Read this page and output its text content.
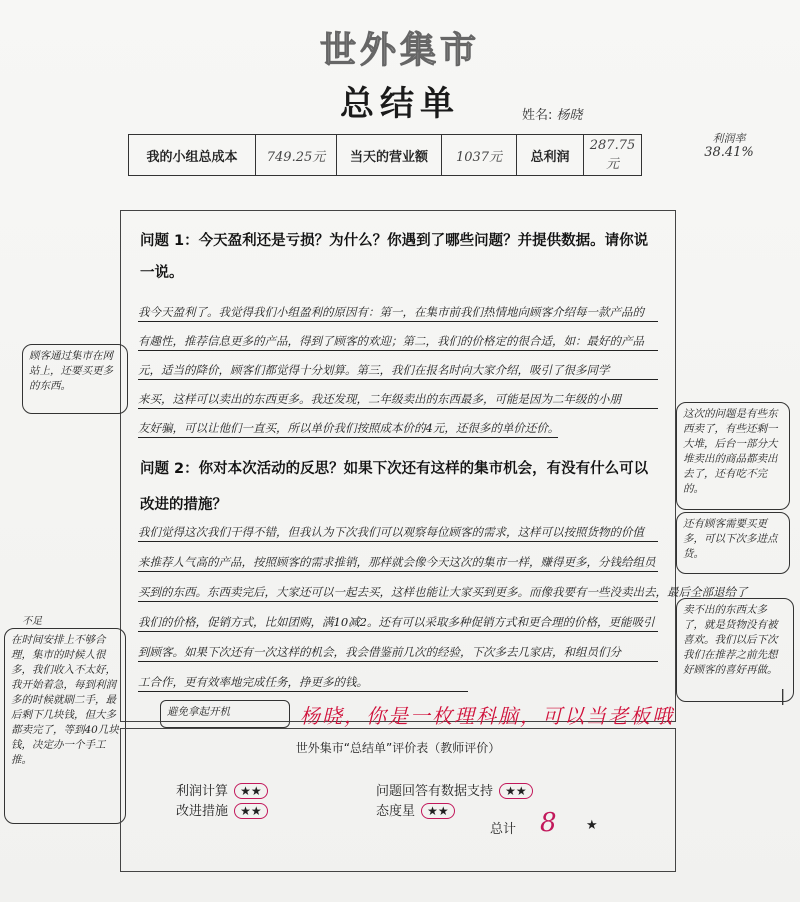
世外集市
总结单	姓名: 杨晓
我的小组总成本	749.25元	当天的营业额	1037元	总利润	287.75元
利润率
38.41%
问题 1：今天盈利还是亏损？为什么？你遇到了哪些问题？并提供数据。请你说
一说。
我今天盈利了。我觉得我们小组盈利的原因有：第一，在集市前我们热情地向顾客介绍每一款产品的
有趣性，推荐信息更多的产品，得到了顾客的欢迎；第二，我们的价格定的很合适，如：最好的产品
元，适当的降价，顾客们都觉得十分划算。第三，我们在报名时向大家介绍，吸引了很多同学
来买，这样可以卖出的东西更多。我还发现，二年级卖出的东西最多，可能是因为二年级的小朋
友好骗，可以让他们一直买，所以单价我们按照成本价的4元，还很多的单价还价。
问题 2：你对本次活动的反思？如果下次还有这样的集市机会，有没有什么可以
改进的措施？
我们觉得这次我们干得不错，但我认为下次我们可以观察每位顾客的需求，这样可以按照货物的价值
来推荐人气高的产品，按照顾客的需求推销，那样就会像今天这次的集市一样，赚得更多，分钱给组员
买到的东西。东西卖完后，大家还可以一起去买，这样也能让大家买到更多。而像我要有一些没卖出去，最后全部退给了
我们的价格，促销方式，比如团购，满10减2。还有可以采取多种促销方式和更合理的价格，更能吸引
到顾客。如果下次还有一次这样的机会，我会借鉴前几次的经验，下次多去几家店，和组员们分
工合作，更有效率地完成任务，挣更多的钱。
杨晓，你是一枚理科脑，可以当老板哦
顾客通过集市在网站上，还要买更多的东西。
不足
在时间安排上不够合理，集市的时候人很多，我们收入不太好，我开始着急，每到利润多的时候就刷二手，最后剩下几块钱，但大多都卖完了，等到40几块钱，决定办一个手工推。
这次的问题是有些东西卖了，有些还剩一大堆，后台一部分大堆卖出的商品都卖出去了，还有吃不完的。
还有顾客需要买更多，可以下次多进点货。
卖不出的东西太多了，就是货物没有被喜欢。我们以后下次我们在推荐之前先想好顾客的喜好再做。
避免拿起开机
|
世外集市“总结单”评价表（教师评价）
利润计算 ★★
改进措施 ★★
问题回答有数据支持 ★★
态度星 ★★
总计 8 ★
